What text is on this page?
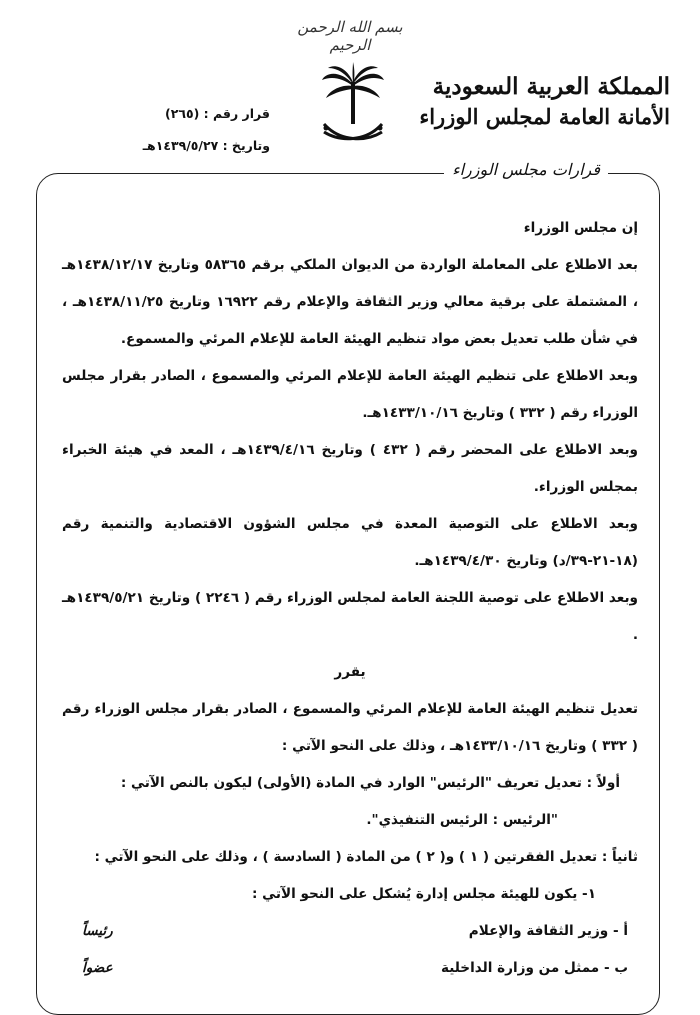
بسم الله الرحمن الرحيم
المملكة العربية السعودية
الأمانة العامة لمجلس الوزراء
قرار رقم : (٢٦٥)
وتاريخ : ١٤٣٩/٥/٢٧هـ
قرارات مجلس الوزراء

إن مجلس الوزراء

بعد الاطلاع على المعاملة الواردة من الديوان الملكي برقم ٥٨٣٦٥ وتاريخ ١٤٣٨/١٢/١٧هـ ، المشتملة على برقية معالي وزير الثقافة والإعلام رقم ١٦٩٢٢ وتاريخ ١٤٣٨/١١/٢٥هـ ، في شأن طلب تعديل بعض مواد تنظيم الهيئة العامة للإعلام المرئي والمسموع.

وبعد الاطلاع على تنظيم الهيئة العامة للإعلام المرئي والمسموع ، الصادر بقرار مجلس الوزراء رقم ( ٣٣٢ ) وتاريخ ١٤٣٣/١٠/١٦هـ.

وبعد الاطلاع على المحضر رقم ( ٤٣٢ ) وتاريخ ١٤٣٩/٤/١٦هـ ، المعد في هيئة الخبراء بمجلس الوزراء.

وبعد الاطلاع على التوصية المعدة في مجلس الشؤون الاقتصادية والتنمية رقم (١٨-٢١-٣٩/د) وتاريخ ١٤٣٩/٤/٣٠هـ.

وبعد الاطلاع على توصية اللجنة العامة لمجلس الوزراء رقم ( ٢٢٤٦ ) وتاريخ ١٤٣٩/٥/٢١هـ .

يقرر

تعديل تنظيم الهيئة العامة للإعلام المرئي والمسموع ، الصادر بقرار مجلس الوزراء رقم ( ٣٣٢ ) وتاريخ ١٤٣٣/١٠/١٦هـ ، وذلك على النحو الآتي :

أولاً : تعديل تعريف "الرئيس" الوارد في المادة (الأولى) ليكون بالنص الآتي :

"الرئيس : الرئيس التنفيذي".

ثانياً : تعديل الفقرتين ( ١ ) و( ٢ ) من المادة ( السادسة ) ، وذلك على النحو الآتي :

١- يكون للهيئة مجلس إدارة يُشكل على النحو الآتي :

أ - وزير الثقافة والإعلام
رئيساً
ب - ممثل من وزارة الداخلية
عضواً
